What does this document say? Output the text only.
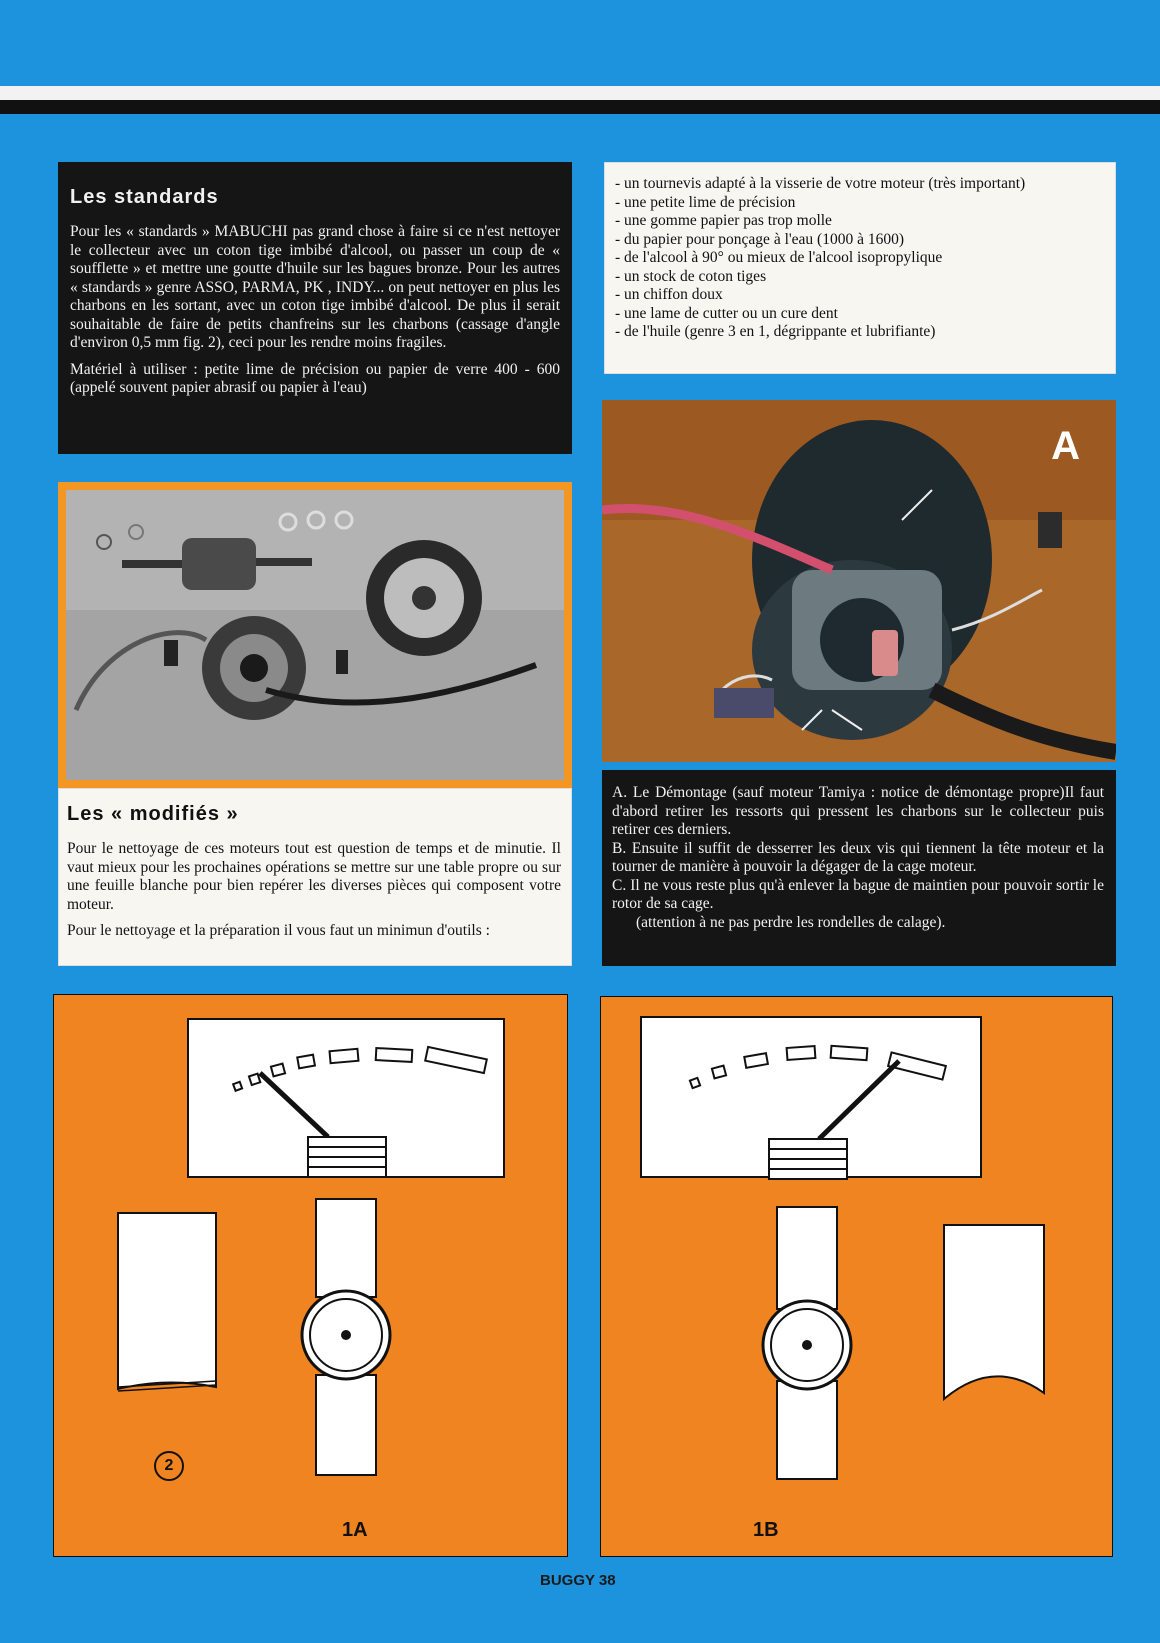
Les standards

Pour les « standards » MABUCHI pas grand chose à faire si ce n'est nettoyer le collecteur avec un coton tige imbibé d'alcool, ou passer un coup de « soufflette » et mettre une goutte d'huile sur les bagues bronze. Pour les autres « standards » genre ASSO, PARMA, PK , INDY... on peut nettoyer en plus les charbons en les sortant, avec un coton tige imbibé d'alcool. De plus il serait souhaitable de faire de petits chanfreins sur les charbons (cassage d'angle d'environ 0,5 mm fig. 2), ceci pour les rendre moins fragiles.

Matériel à utiliser : petite lime de précision ou papier de verre 400 - 600 (appelé souvent papier abrasif ou papier à l'eau)

Les « modifiés »

Pour le nettoyage de ces moteurs tout est question de temps et de minutie. Il vaut mieux pour les prochaines opérations se mettre sur une table propre ou sur une feuille blanche pour bien repérer les diverses pièces qui composent votre moteur.

Pour le nettoyage et la préparation il vous faut un minimun d'outils :

- un tournevis adapté à la visserie de votre moteur (très important)
- une petite lime de précision
- une gomme papier pas trop molle
- du papier pour ponçage à l'eau (1000 à 1600)
- de l'alcool à 90° ou mieux de l'alcool isopropylique
- un stock de coton tiges
- un chiffon doux
- une lame de cutter ou un cure dent
- de l'huile (genre 3 en 1, dégrippante et lubrifiante)
A

A. Le Démontage (sauf moteur Tamiya : notice de démontage propre)Il faut d'abord retirer les ressorts qui pressent les charbons sur le collecteur puis retirer ces derniers.

B. Ensuite il suffit de desserrer les deux vis qui tiennent la tête moteur et la tourner de manière à pouvoir la dégager de la cage moteur.

C. Il ne vous reste plus qu'à enlever la bague de maintien pour pouvoir sortir le rotor de sa cage.

(attention à ne pas perdre les rondelles de calage).

2
1A	1B
BUGGY 38
